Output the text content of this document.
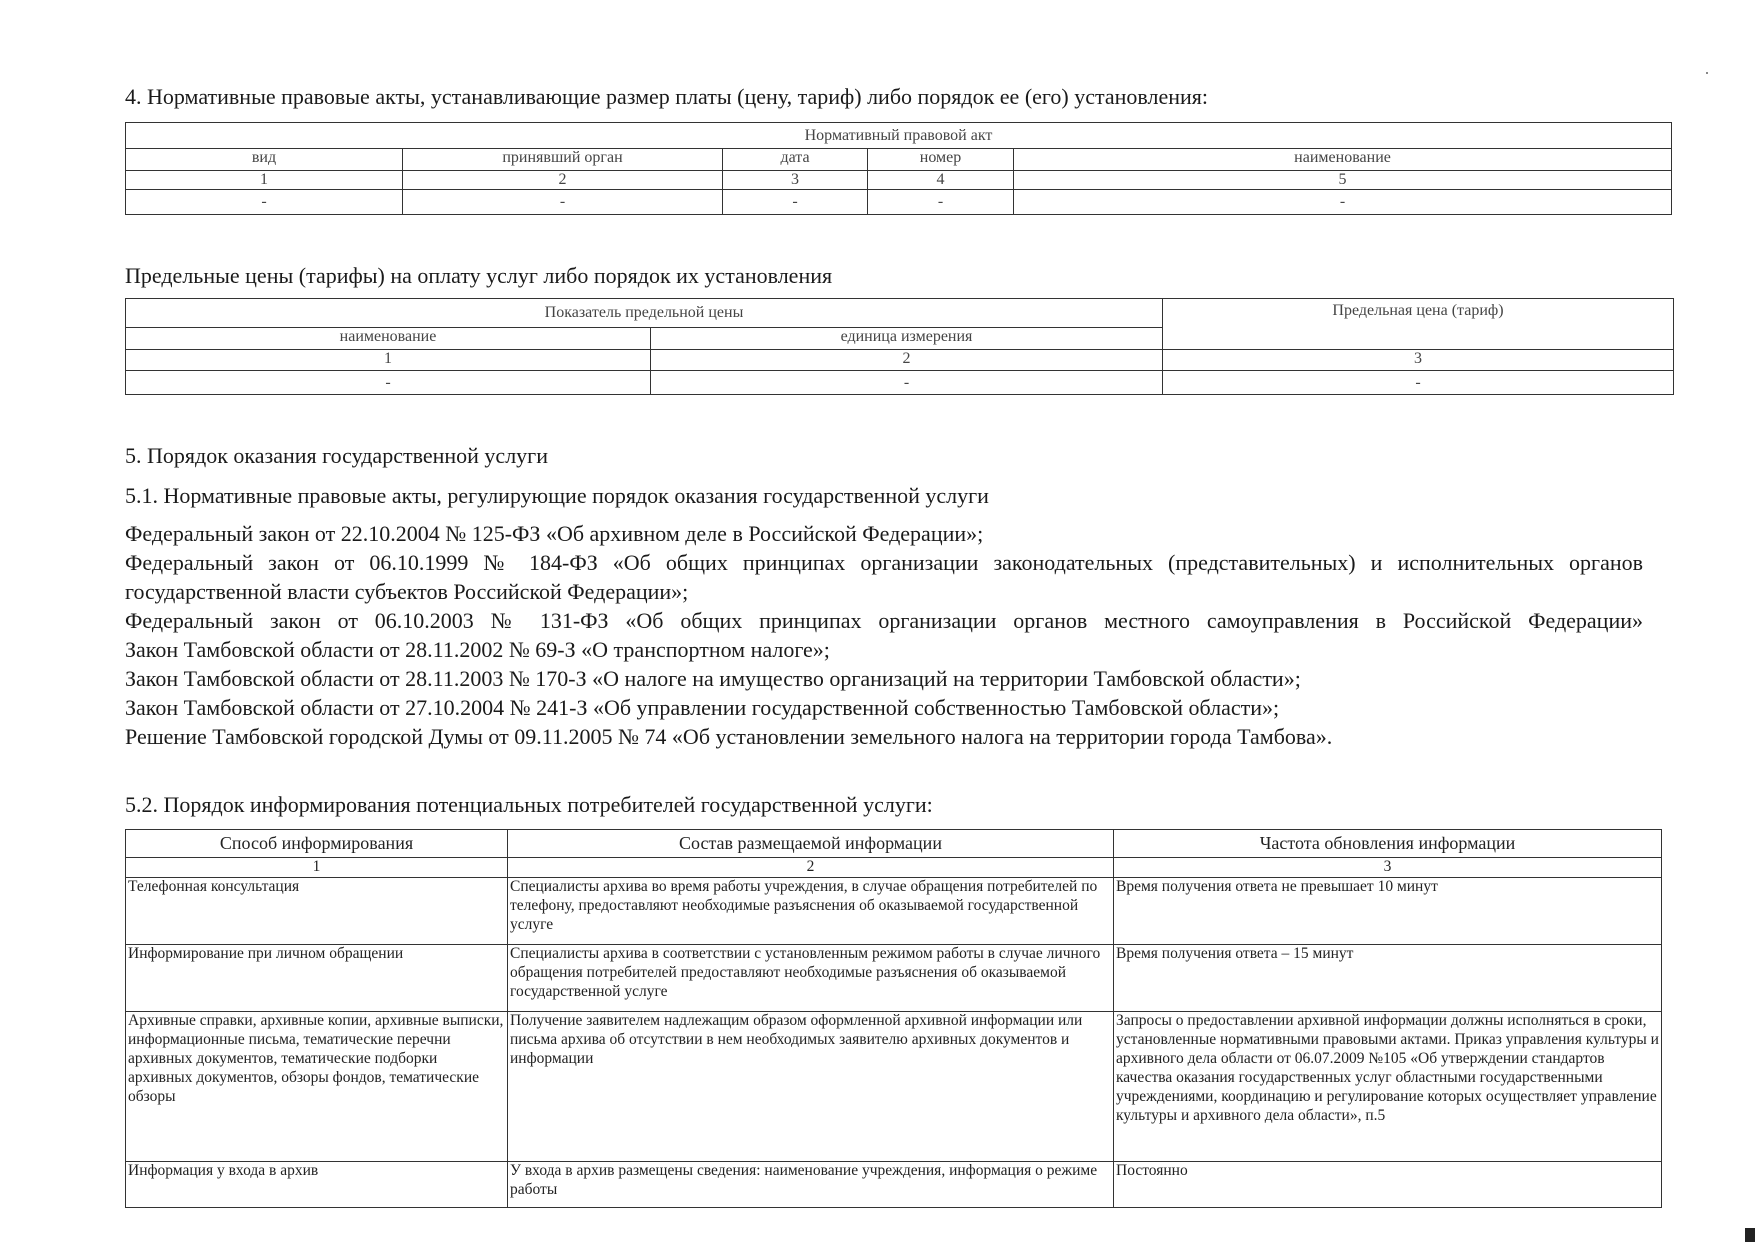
4. Нормативные правовые акты, устанавливающие размер платы (цену, тариф) либо порядок ее (его) установления:
Нормативный правовой акт				
вид	принявший орган	дата	номер	наименование
1	2	3	4	5
-	-	-	-	-
Предельные цены (тарифы) на оплату услуг либо порядок их установления
Показатель предельной цены		Предельная цена (тариф)
наименование	единица измерения	
1	2	3
-	-	-
5. Порядок оказания государственной услуги
5.1. Нормативные правовые акты, регулирующие порядок оказания государственной услуги

Федеральный закон от 22.10.2004 № 125-ФЗ «Об архивном деле в Российской Федерации»;

Федеральный закон от 06.10.1999 № 184-ФЗ «Об общих принципах организации законодательных (представительных) и исполнительных органов государственной власти субъектов Российской Федерации»;

Федеральный закон от 06.10.2003 № 131-ФЗ «Об общих принципах организации органов местного самоуправления в Российской Федерации»

Закон Тамбовской области от 28.11.2002 № 69-З «О транспортном налоге»;

Закон Тамбовской области от 28.11.2003 № 170-З «О налоге на имущество организаций на территории Тамбовской области»;

Закон Тамбовской области от 27.10.2004 № 241-З «Об управлении государственной собственностью Тамбовской области»;

Решение Тамбовской городской Думы от 09.11.2005 № 74 «Об установлении земельного налога на территории города Тамбова».

5.2. Порядок информирования потенциальных потребителей государственной услуги:
Способ информирования	Состав размещаемой информации	Частота обновления информации
1	2	3
Телефонная консультация	Специалисты архива во время работы учреждения, в случае обращения потребителей по телефону, предоставляют необходимые разъяснения об оказываемой государственной услуге	Время получения ответа не превышает 10 минут
Информирование при личном обращении	Специалисты архива в соответствии с установленным режимом работы в случае личного обращения потребителей предоставляют необходимые разъяснения об оказываемой государственной услуге	Время получения ответа – 15 минут
Архивные справки, архивные копии, архивные выписки, информационные письма, тематические перечни архивных документов, тематические подборки архивных документов, обзоры фондов, тематические обзоры	Получение заявителем надлежащим образом оформленной архивной информации или письма архива об отсутствии в нем необходимых заявителю архивных документов и информации	Запросы о предоставлении архивной информации должны исполняться в сроки, установленные нормативными правовыми актами. Приказ управления культуры и архивного дела области от 06.07.2009 №105 «Об утверждении стандартов качества оказания государственных услуг областными государственными учреждениями, координацию и регулирование которых осуществляет управление культуры и архивного дела области», п.5
Информация у входа в архив	У входа в архив размещены сведения: наименование учреждения, информация о режиме работы	Постоянно
